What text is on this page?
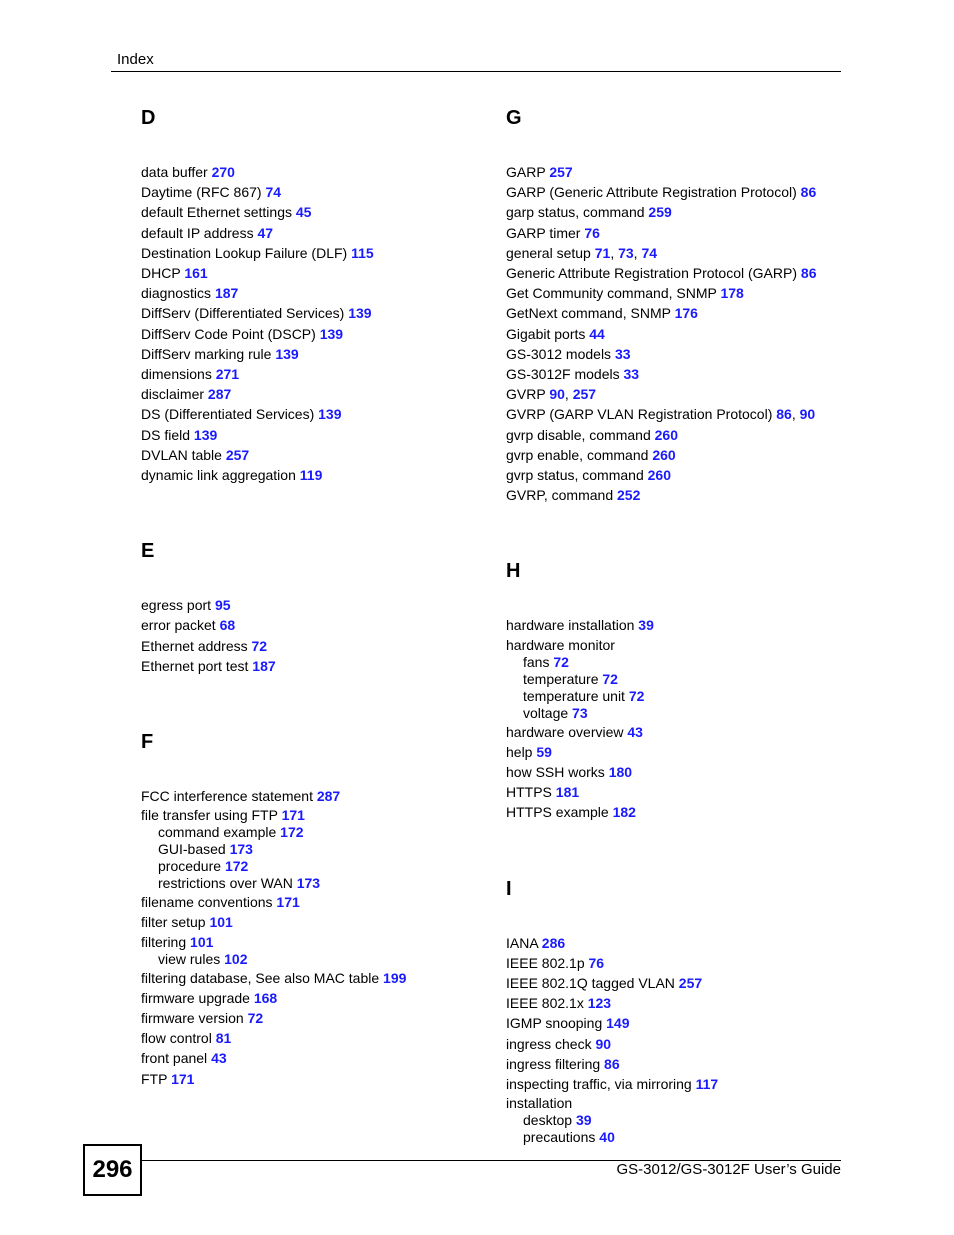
Index
D
data buffer 270
Daytime (RFC 867) 74
default Ethernet settings 45
default IP address 47
Destination Lookup Failure (DLF) 115
DHCP 161
diagnostics 187
DiffServ (Differentiated Services) 139
DiffServ Code Point (DSCP) 139
DiffServ marking rule 139
dimensions 271
disclaimer 287
DS (Differentiated Services) 139
DS field 139
DVLAN table 257
dynamic link aggregation 119
E
egress port 95
error packet 68
Ethernet address 72
Ethernet port test 187
F
FCC interference statement 287
file transfer using FTP 171
command example 172
GUI-based 173
procedure 172
restrictions over WAN 173
filename conventions 171
filter setup 101
filtering 101
view rules 102
filtering database, See also MAC table 199
firmware upgrade 168
firmware version 72
flow control 81
front panel 43
FTP 171
G
GARP 257
GARP (Generic Attribute Registration Protocol) 86
garp status, command 259
GARP timer 76
general setup 71, 73, 74
Generic Attribute Registration Protocol (GARP) 86
Get Community command, SNMP 178
GetNext command, SNMP 176
Gigabit ports 44
GS-3012 models 33
GS-3012F models 33
GVRP 90, 257
GVRP (GARP VLAN Registration Protocol) 86, 90
gvrp disable, command 260
gvrp enable, command 260
gvrp status, command 260
GVRP, command 252
H
hardware installation 39
hardware monitor
fans 72
temperature 72
temperature unit 72
voltage 73
hardware overview 43
help 59
how SSH works 180
HTTPS 181
HTTPS example 182
I
IANA 286
IEEE 802.1p 76
IEEE 802.1Q tagged VLAN 257
IEEE 802.1x 123
IGMP snooping 149
ingress check 90
ingress filtering 86
inspecting traffic, via mirroring 117
installation
desktop 39
precautions 40
296	GS-3012/GS-3012F User’s Guide
